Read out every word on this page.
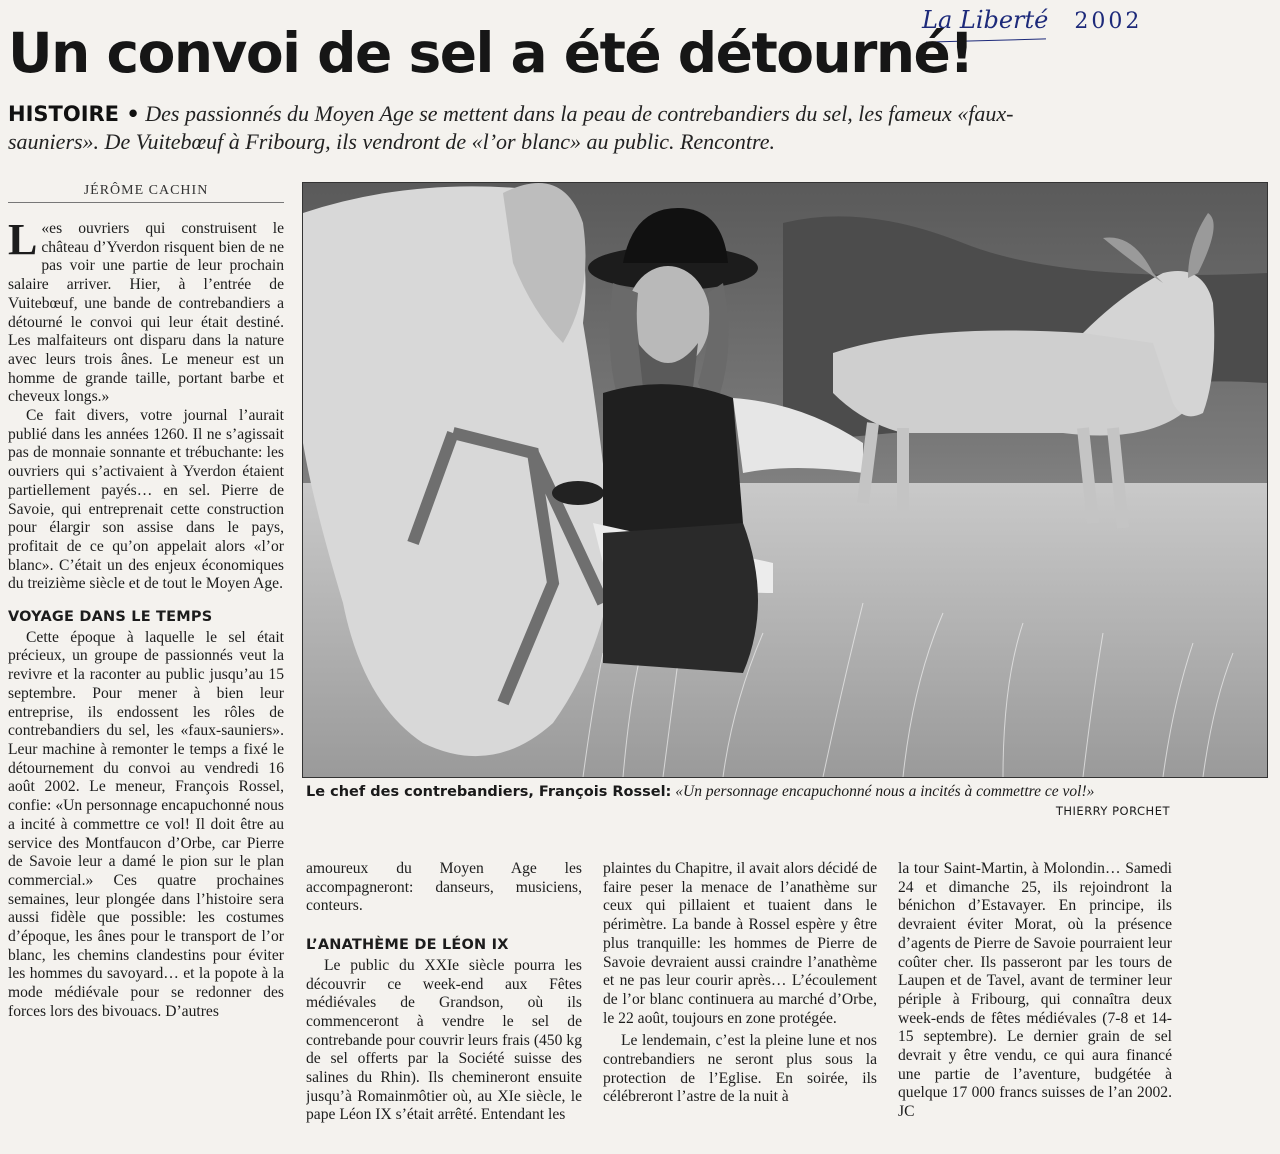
La Liberté 2002
Un convoi de sel a été détourné!
HISTOIRE • Des passionnés du Moyen Age se mettent dans la peau de contrebandiers du sel, les fameux «faux-sauniers». De Vuitebœuf à Fribourg, ils vendront de «l’or blanc» au public. Rencontre.
JÉRÔME CACHIN
Le chef des contrebandiers, François Rossel: «Un personnage encapuchonné nous a incités à commettre ce vol!»
THIERRY PORCHET

«
L es ouvriers qui construisent le château d’Yverdon risquent bien de ne pas voir une partie de leur prochain salaire arriver. Hier, à l’entrée de Vuitebœuf, une bande de contrebandiers a détourné le convoi qui leur était destiné. Les malfaiteurs ont disparu dans la nature avec leurs trois ânes. Le meneur est un homme de grande taille, portant barbe et cheveux longs.»

Ce fait divers, votre journal l’aurait publié dans les années 1260. Il ne s’agissait pas de monnaie sonnante et trébuchante: les ouvriers qui s’activaient à Yverdon étaient partiellement payés… en sel. Pierre de Savoie, qui entreprenait cette construction pour élargir son assise dans le pays, profitait de ce qu’on appelait alors «l’or blanc». C’était un des enjeux économiques du treizième siècle et de tout le Moyen Age.

VOYAGE DANS LE TEMPS

Cette époque à laquelle le sel était précieux, un groupe de passionnés veut la revivre et la raconter au public jusqu’au 15 septembre. Pour mener à bien leur entreprise, ils endossent les rôles de contrebandiers du sel, les «faux-sauniers». Leur machine à remonter le temps a fixé le détournement du convoi au vendredi 16 août 2002. Le meneur, François Rossel, confie: «Un personnage encapuchonné nous a incité à commettre ce vol! Il doit être au service des Montfaucon d’Orbe, car Pierre de Savoie leur a damé le pion sur le plan commercial.» Ces quatre prochaines semaines, leur plongée dans l’histoire sera aussi fidèle que possible: les costumes d’époque, les ânes pour le transport de l’or blanc, les chemins clandestins pour éviter les hommes du savoyard… et la popote à la mode médiévale pour se redonner des forces lors des bivouacs. D’autres

amoureux du Moyen Age les accompagneront: danseurs, musiciens, conteurs.

L’ANATHÈME DE LÉON IX

Le public du XXIe siècle pourra les découvrir ce week-end aux Fêtes médiévales de Grandson, où ils commenceront à vendre le sel de contrebande pour couvrir leurs frais (450 kg de sel offerts par la Société suisse des salines du Rhin). Ils chemineront ensuite jusqu’à Romainmôtier où, au XIe siècle, le pape Léon IX s’était arrêté. Entendant les

plaintes du Chapitre, il avait alors décidé de faire peser la menace de l’anathème sur ceux qui pillaient et tuaient dans le périmètre. La bande à Rossel espère y être plus tranquille: les hommes de Pierre de Savoie devraient aussi craindre l’anathème et ne pas leur courir après… L’écoulement de l’or blanc continuera au marché d’Orbe, le 22 août, toujours en zone protégée.

Le lendemain, c’est la pleine lune et nos contrebandiers ne seront plus sous la protection de l’Eglise. En soirée, ils célébreront l’astre de la nuit à

la tour Saint-Martin, à Molondin… Samedi 24 et dimanche 25, ils rejoindront la bénichon d’Estavayer. En principe, ils devraient éviter Morat, où la présence d’agents de Pierre de Savoie pourraient leur coûter cher. Ils passeront par les tours de Laupen et de Tavel, avant de terminer leur périple à Fribourg, qui connaîtra deux week-ends de fêtes médiévales (7-8 et 14-15 septembre). Le dernier grain de sel devrait y être vendu, ce qui aura financé une partie de l’aventure, budgétée à quelque 17 000 francs suisses de l’an 2002. JC
